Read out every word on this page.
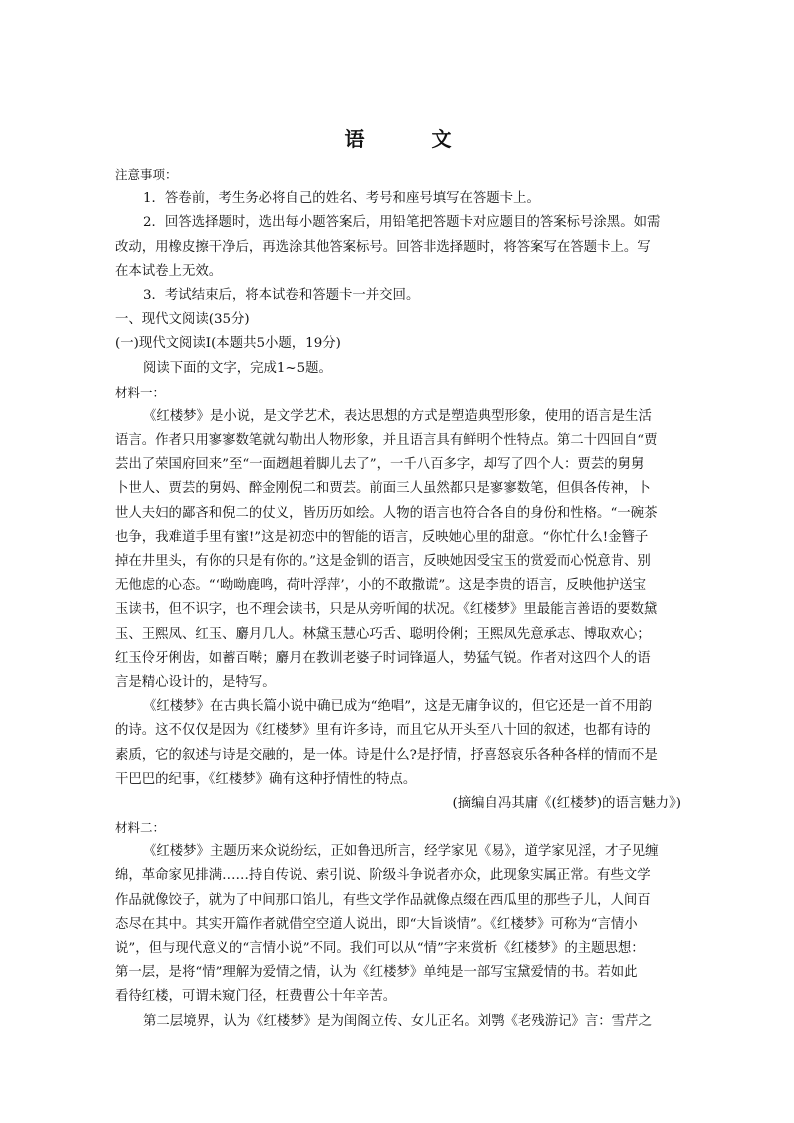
语 文
注意事项：
1．答卷前，考生务必将自己的姓名、考号和座号填写在答题卡上。
2．回答选择题时，选出每小题答案后，用铅笔把答题卡对应题目的答案标号涂黑。如需
改动，用橡皮擦干净后，再选涂其他答案标号。回答非选择题时，将答案写在答题卡上。写
在本试卷上无效。
3．考试结束后，将本试卷和答题卡一并交回。
一、现代文阅读(35分)
(一)现代文阅读Ⅰ(本题共5小题，19分)
阅读下面的文字，完成1~5题。
材料一：
《红楼梦》是小说，是文学艺术，表达思想的方式是塑造典型形象，使用的语言是生活
语言。作者只用寥寥数笔就勾勒出人物形象，并且语言具有鲜明个性特点。第二十四回自“贾
芸出了荣国府回来”至“一面趔趄着脚儿去了”，一千八百多字，却写了四个人：贾芸的舅舅
卜世人、贾芸的舅妈、醉金刚倪二和贾芸。前面三人虽然都只是寥寥数笔，但俱各传神，卜
世人夫妇的鄙吝和倪二的仗义，皆历历如绘。人物的语言也符合各自的身份和性格。“一碗茶
也争，我难道手里有蜜!”这是初恋中的智能的语言，反映她心里的甜意。“你忙什么!金簪子
掉在井里头，有你的只是有你的。”这是金钏的语言，反映她因受宝玉的赏爱而心悦意肯、别
无他虑的心态。“‘呦呦鹿鸣，荷叶浮萍’，小的不敢撒谎”。这是李贵的语言，反映他护送宝
玉读书，但不识字，也不理会读书，只是从旁听闻的状况。《红楼梦》里最能言善语的要数黛
玉、王熙凤、红玉、麝月几人。林黛玉慧心巧舌、聪明伶俐；王熙凤先意承志、博取欢心；
红玉伶牙俐齿，如蓄百啭；麝月在教训老婆子时词锋逼人，势猛气锐。作者对这四个人的语
言是精心设计的，是特写。
《红楼梦》在古典长篇小说中确已成为“绝唱”，这是无庸争议的，但它还是一首不用韵
的诗。这不仅仅是因为《红楼梦》里有许多诗，而且它从开头至八十回的叙述，也都有诗的
素质，它的叙述与诗是交融的，是一体。诗是什么?是抒情，抒喜怒哀乐各种各样的情而不是
干巴巴的纪事，《红楼梦》确有这种抒情性的特点。
(摘编自冯其庸《(红楼梦)的语言魅力》)
材料二：
《红楼梦》主题历来众说纷纭，正如鲁迅所言，经学家见《易》，道学家见淫，才子见缠
绵，革命家见排满……持自传说、索引说、阶级斗争说者亦众，此现象实属正常。有些文学
作品就像饺子，就为了中间那口馅儿，有些文学作品就像点缀在西瓜里的那些子儿，人间百
态尽在其中。其实开篇作者就借空空道人说出，即“大旨谈情”。《红楼梦》可称为“言情小
说”，但与现代意义的“言情小说”不同。我们可以从“情”字来赏析《红楼梦》的主题思想：
第一层，是将“情”理解为爱情之情，认为《红楼梦》单纯是一部写宝黛爱情的书。若如此
看待红楼，可谓未窥门径，枉费曹公十年辛苦。
第二层境界，认为《红楼梦》是为闺阁立传、女儿正名。刘鹗《老残游记》言：雪芹之
